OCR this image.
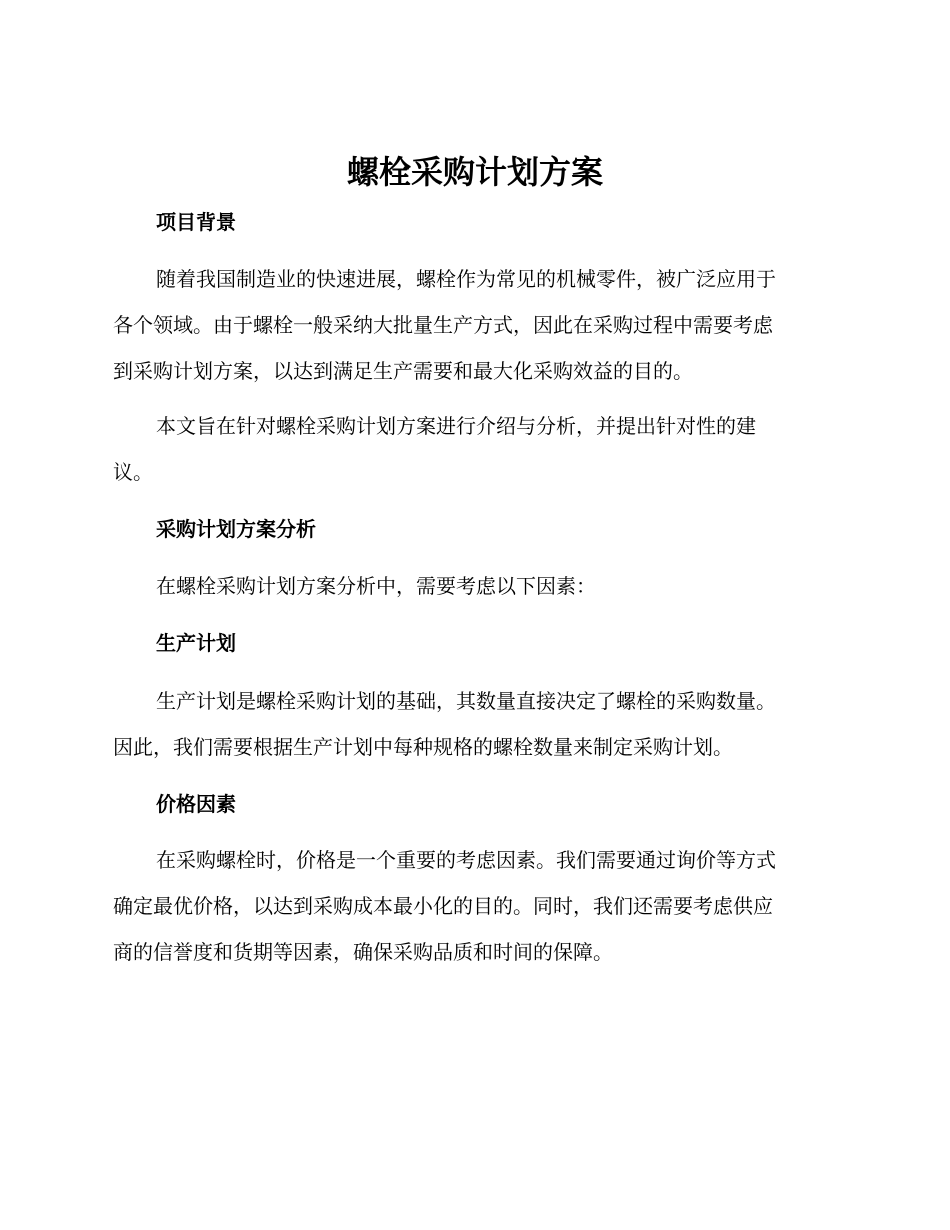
螺栓采购计划方案
项目背景

随着我国制造业的快速进展，螺栓作为常见的机械零件，被广泛应用于
各个领域。由于螺栓一般采纳大批量生产方式，因此在采购过程中需要考虑
到采购计划方案，以达到满足生产需要和最大化采购效益的目的。

本文旨在针对螺栓采购计划方案进行介绍与分析，并提出针对性的建
议。

采购计划方案分析

在螺栓采购计划方案分析中，需要考虑以下因素：

生产计划

生产计划是螺栓采购计划的基础，其数量直接决定了螺栓的采购数量。
因此，我们需要根据生产计划中每种规格的螺栓数量来制定采购计划。

价格因素

在采购螺栓时，价格是一个重要的考虑因素。我们需要通过询价等方式
确定最优价格，以达到采购成本最小化的目的。同时，我们还需要考虑供应
商的信誉度和货期等因素，确保采购品质和时间的保障。
